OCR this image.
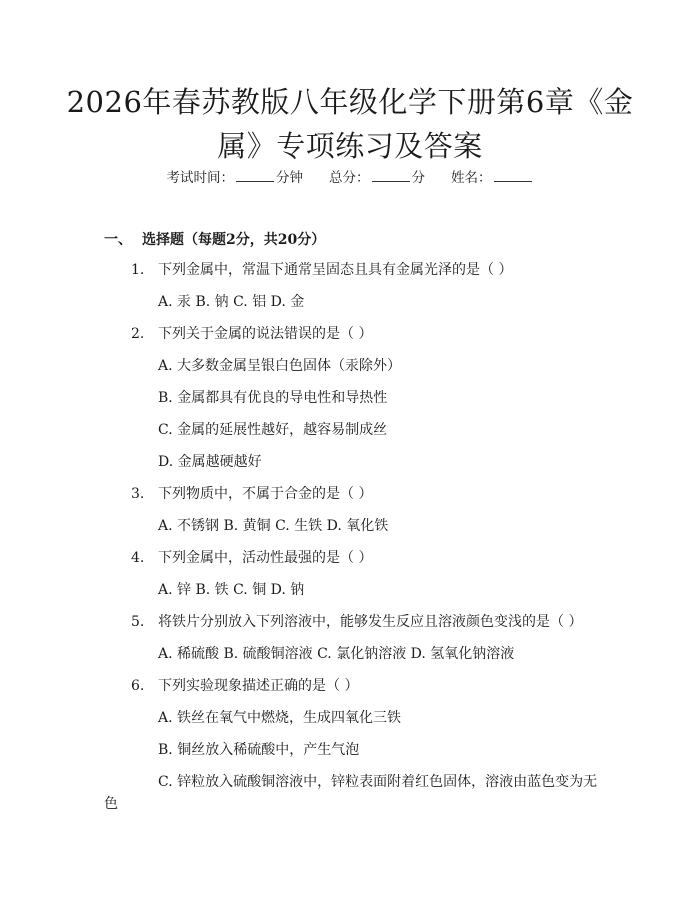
2026年春苏教版八年级化学下册第6章《金属》专项练习及答案
考试时间：	分钟 总分：	分 姓名：
一、 选择题（每题2分，共20分）
1. 下列金属中，常温下通常呈固态且具有金属光泽的是（ ）
A. 汞 B. 钠 C. 铝 D. 金
2. 下列关于金属的说法错误的是（ ）
A. 大多数金属呈银白色固体（汞除外）
B. 金属都具有优良的导电性和导热性
C. 金属的延展性越好，越容易制成丝
D. 金属越硬越好
3. 下列物质中，不属于合金的是（ ）
A. 不锈钢 B. 黄铜 C. 生铁 D. 氧化铁
4. 下列金属中，活动性最强的是（ ）
A. 锌 B. 铁 C. 铜 D. 钠
5. 将铁片分别放入下列溶液中，能够发生反应且溶液颜色变浅的是（ ）
A. 稀硫酸 B. 硫酸铜溶液 C. 氯化钠溶液 D. 氢氧化钠溶液
6. 下列实验现象描述正确的是（ ）
A. 铁丝在氧气中燃烧，生成四氧化三铁
B. 铜丝放入稀硫酸中，产生气泡
C. 锌粒放入硫酸铜溶液中，锌粒表面附着红色固体，溶液由蓝色变为无
色
